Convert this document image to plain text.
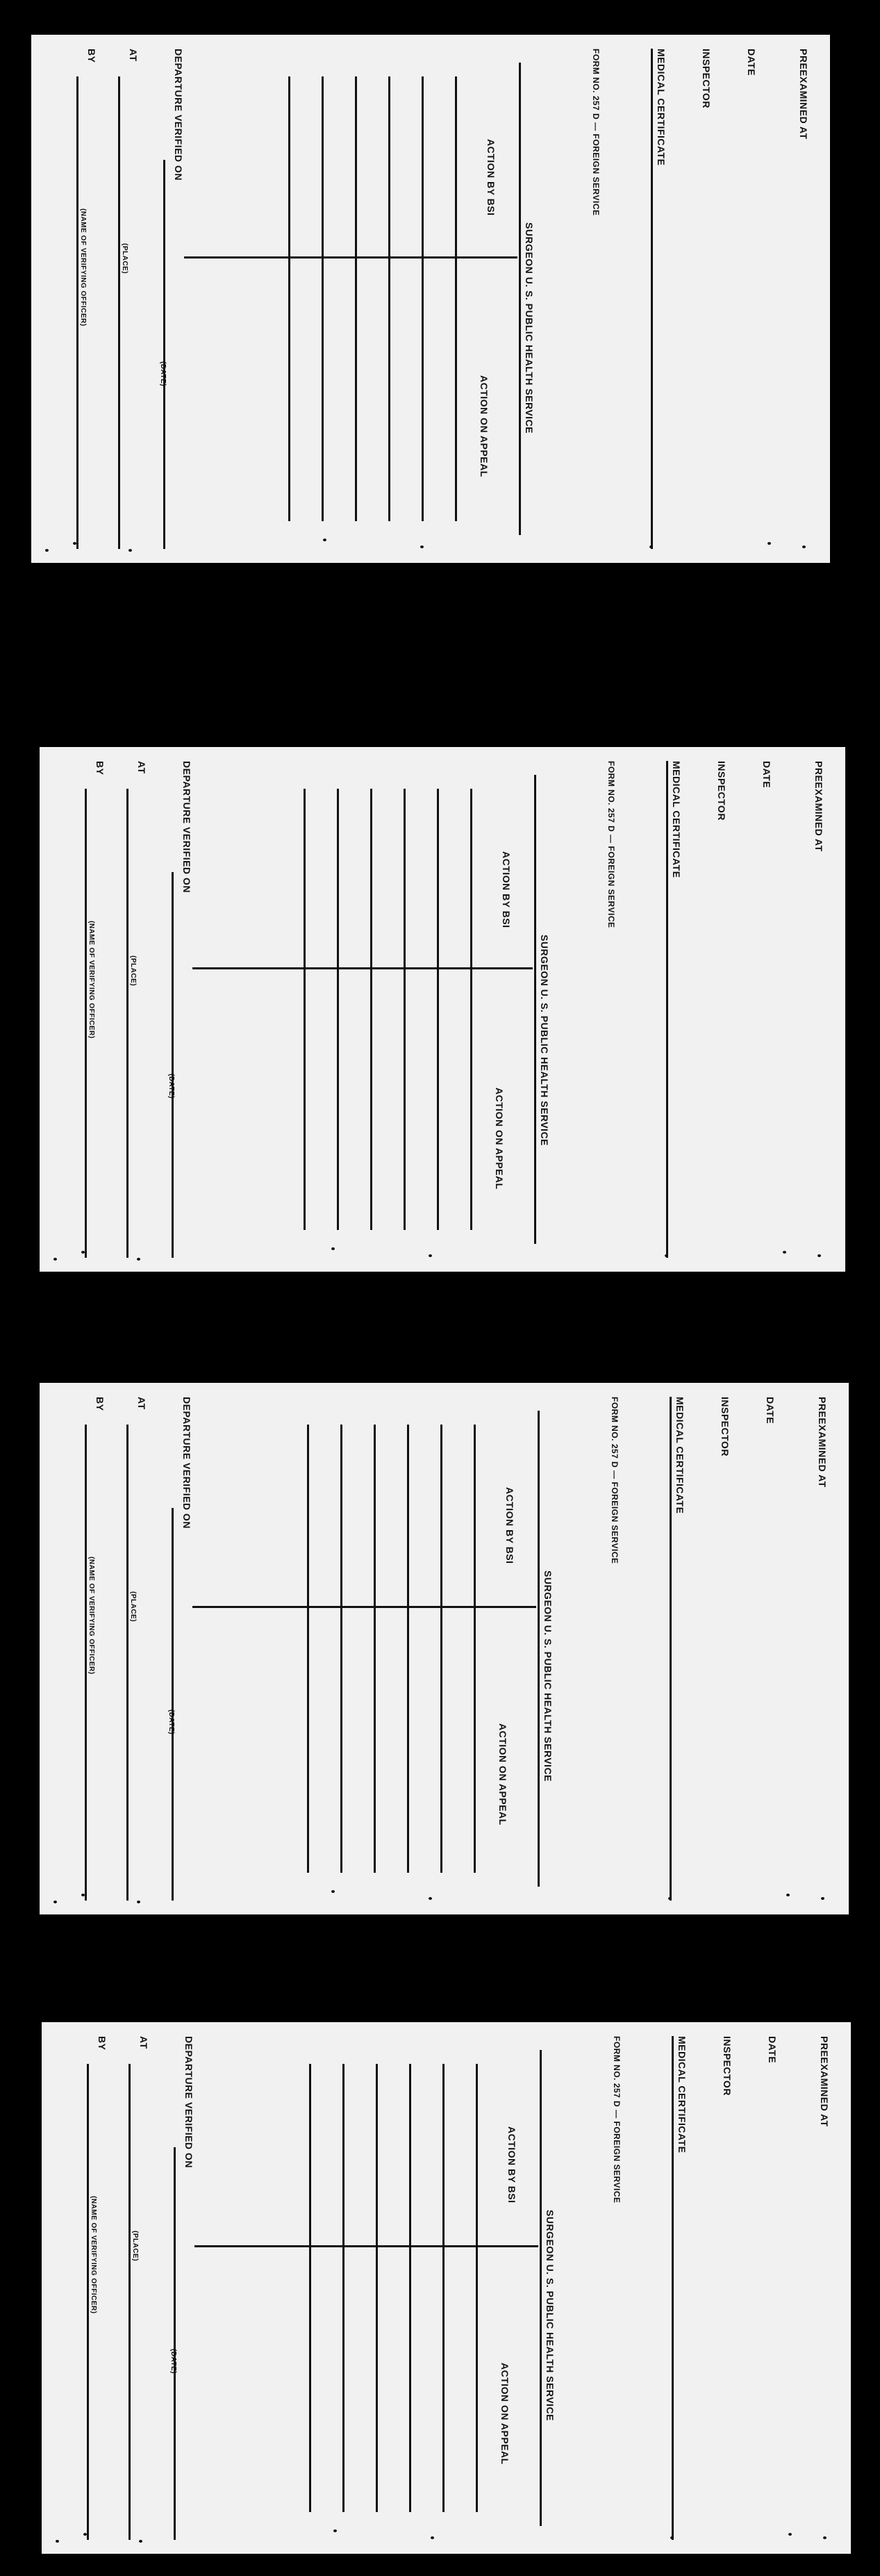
PREEXAMINED AT
DATE
INSPECTOR
MEDICAL CERTIFICATE
FORM NO. 257 D — FOREIGN SERVICE
SURGEON U. S. PUBLIC HEALTH SERVICE
ACTION BY BSI
ACTION ON APPEAL
DEPARTURE VERIFIED ON
(DATE)
AT
(PLACE)
BY
(NAME OF VERIFYING OFFICER)
PREEXAMINED AT
DATE
INSPECTOR
MEDICAL CERTIFICATE
FORM NO. 257 D — FOREIGN SERVICE
SURGEON U. S. PUBLIC HEALTH SERVICE
ACTION BY BSI
ACTION ON APPEAL
DEPARTURE VERIFIED ON
(DATE)
AT
(PLACE)
BY
(NAME OF VERIFYING OFFICER)
PREEXAMINED AT
DATE
INSPECTOR
MEDICAL CERTIFICATE
FORM NO. 257 D — FOREIGN SERVICE
SURGEON U. S. PUBLIC HEALTH SERVICE
ACTION BY BSI
ACTION ON APPEAL
DEPARTURE VERIFIED ON
(DATE)
AT
(PLACE)
BY
(NAME OF VERIFYING OFFICER)
PREEXAMINED AT
DATE
INSPECTOR
MEDICAL CERTIFICATE
FORM NO. 257 D — FOREIGN SERVICE
SURGEON U. S. PUBLIC HEALTH SERVICE
ACTION BY BSI
ACTION ON APPEAL
DEPARTURE VERIFIED ON
(DATE)
AT
(PLACE)
BY
(NAME OF VERIFYING OFFICER)
